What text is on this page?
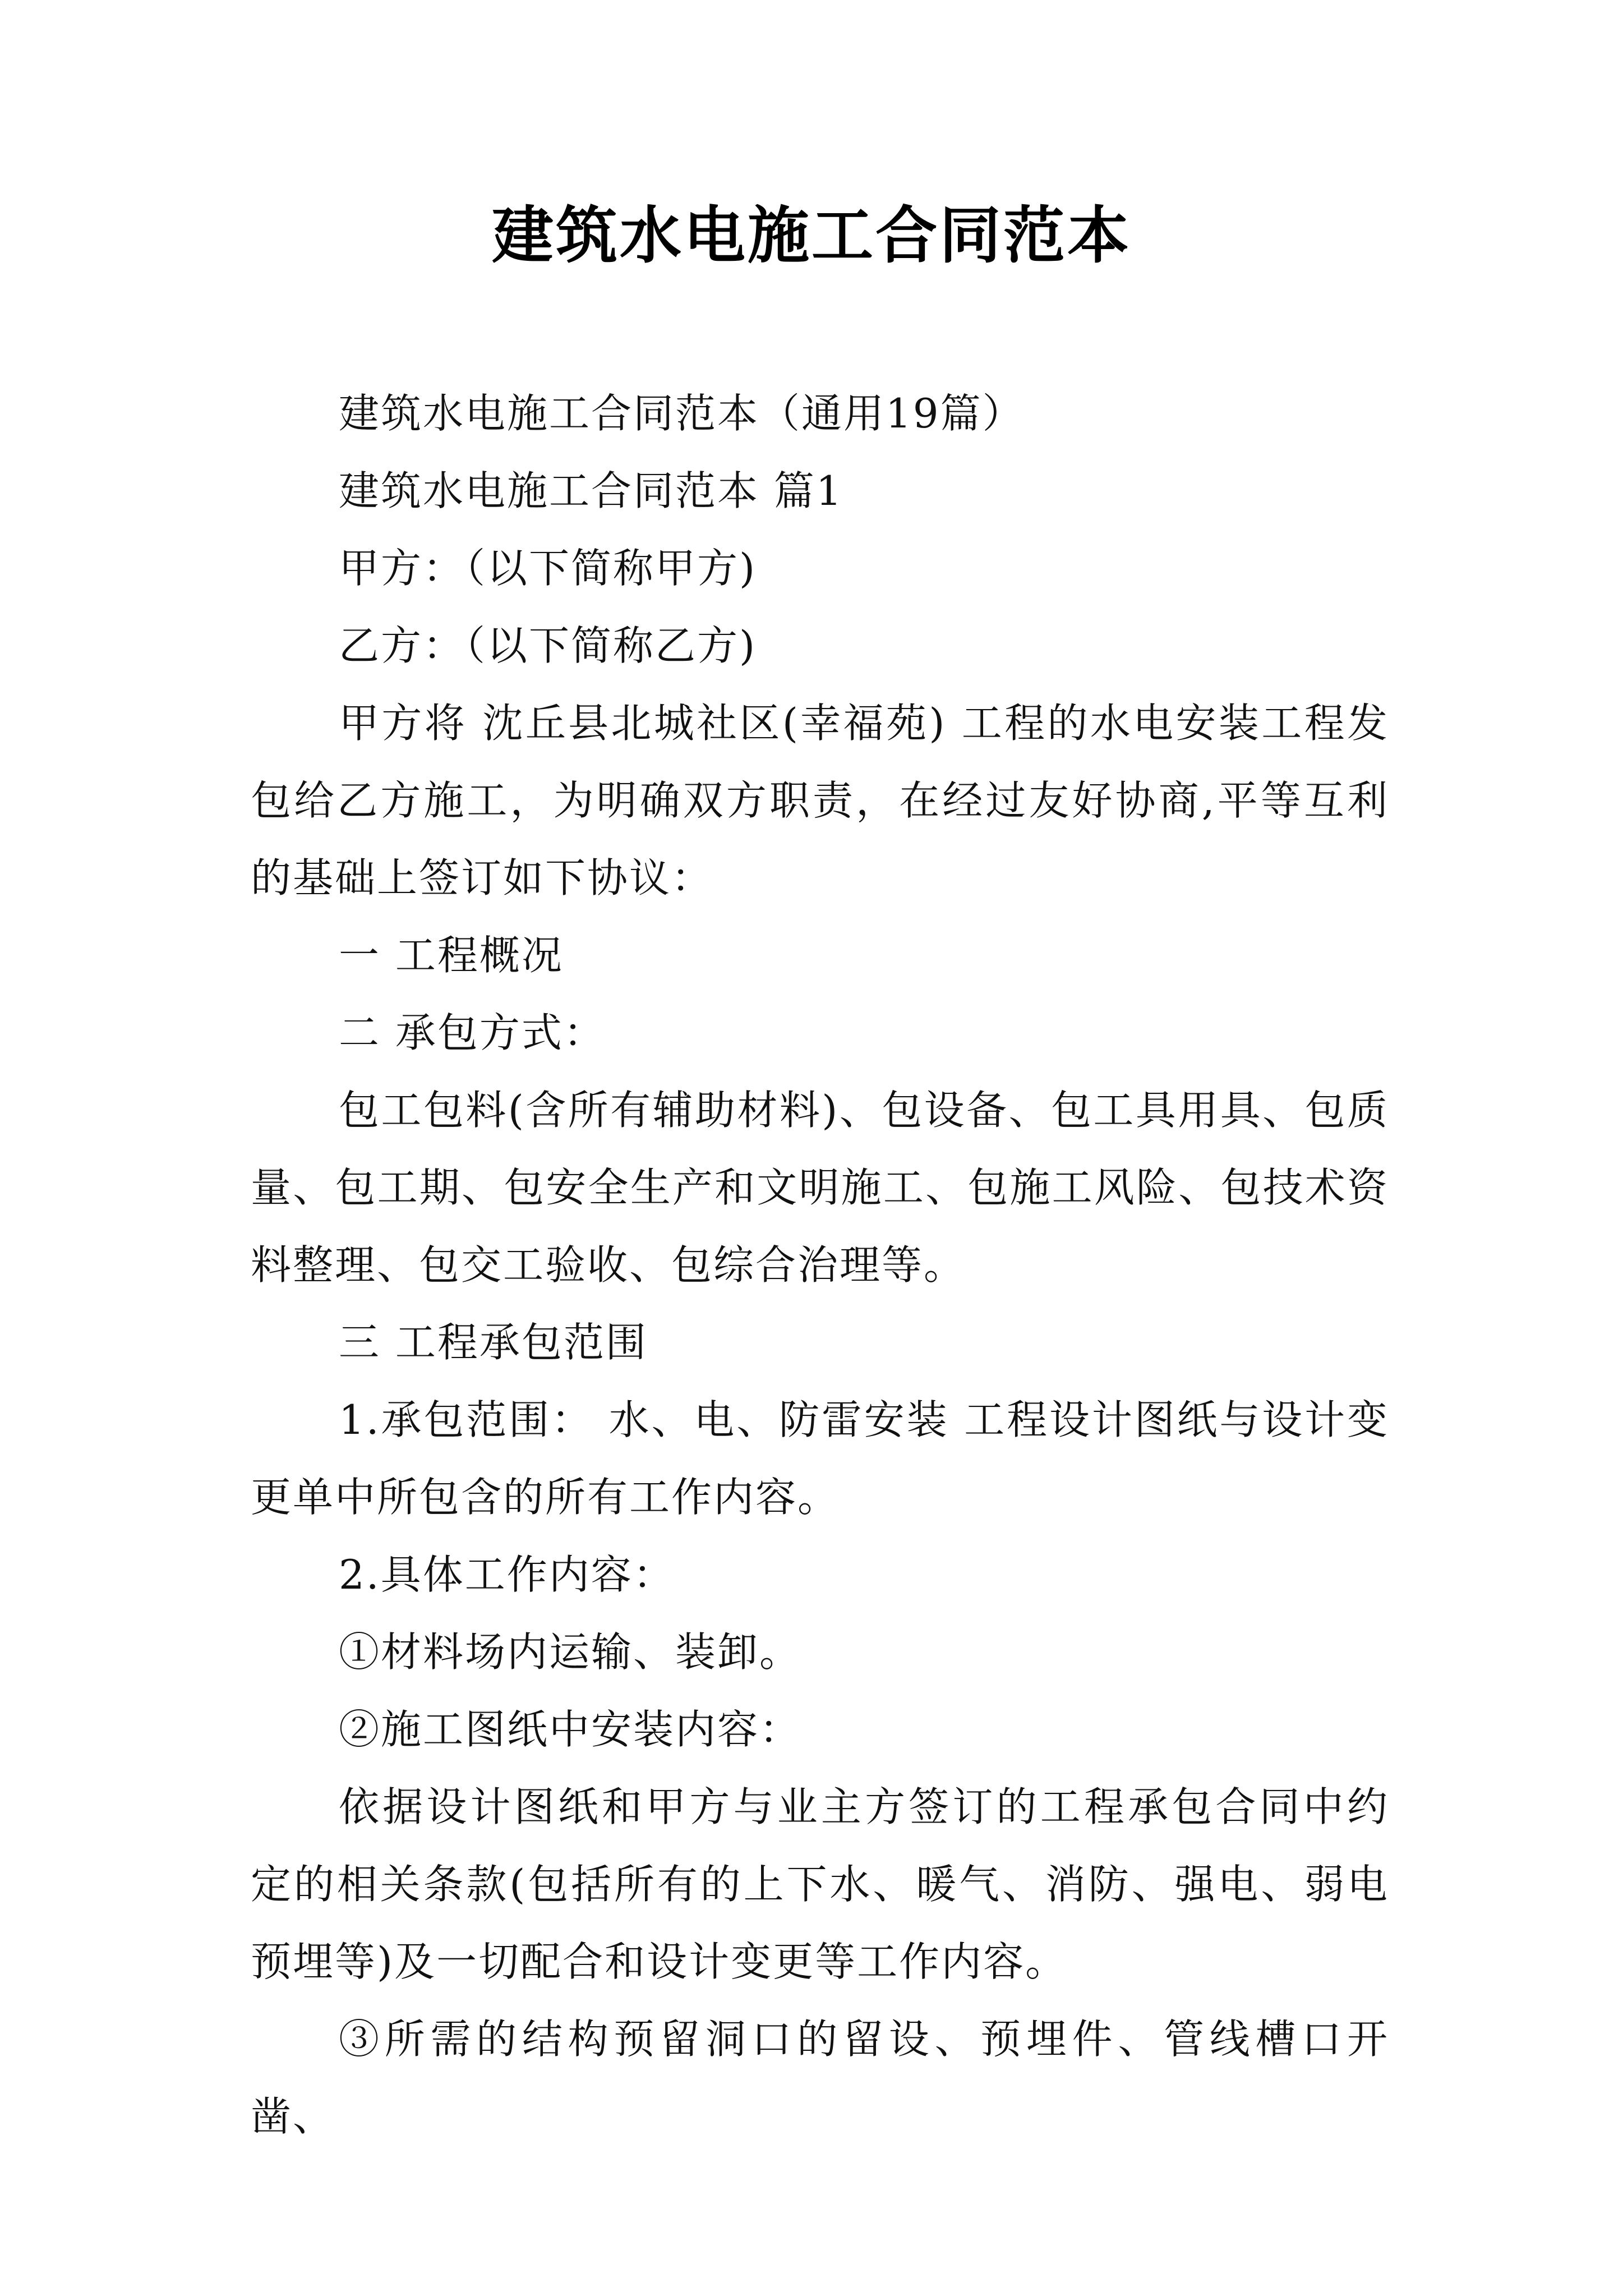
建筑水电施工合同范本

建筑水电施工合同范本（通用19篇）

建筑水电施工合同范本 篇1

甲方：（以下简称甲方)

乙方：（以下简称乙方)

甲方将 沈丘县北城社区(幸福苑) 工程的水电安装工程发包给乙方施工，为明确双方职责，在经过友好协商,平等互利的基础上签订如下协议：

一 工程概况

二 承包方式：

包工包料(含所有辅助材料)、包设备、包工具用具、包质量、包工期、包安全生产和文明施工、包施工风险、包技术资料整理、包交工验收、包综合治理等。

三 工程承包范围

1.承包范围： 水、电、防雷安装 工程设计图纸与设计变更单中所包含的所有工作内容。

2.具体工作内容：

①材料场内运输、装卸。

②施工图纸中安装内容：

依据设计图纸和甲方与业主方签订的工程承包合同中约定的相关条款(包括所有的上下水、暖气、消防、强电、弱电预埋等)及一切配合和设计变更等工作内容。

③所需的结构预留洞口的留设、预埋件、管线槽口开凿、
